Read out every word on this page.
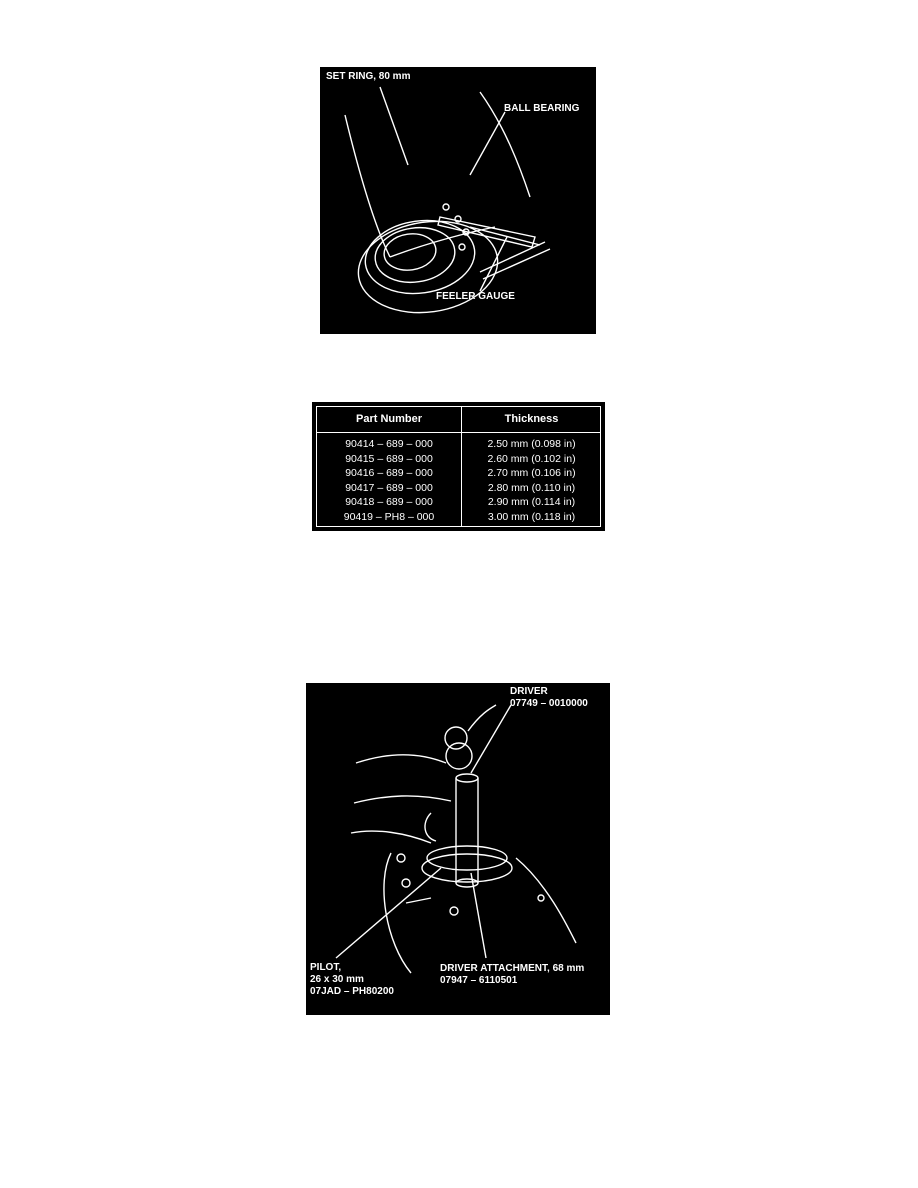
SET RING, 80 mm
BALL BEARING
FEELER GAUGE
Part Number	Thickness
90414 – 689 – 000	2.50 mm (0.098 in)
90415 – 689 – 000	2.60 mm (0.102 in)
90416 – 689 – 000	2.70 mm (0.106 in)
90417 – 689 – 000	2.80 mm (0.110 in)
90418 – 689 – 000	2.90 mm (0.114 in)
90419 – PH8 – 000	3.00 mm (0.118 in)
DRIVER
07749 – 0010000
PILOT,
26 x 30 mm
07JAD – PH80200
DRIVER ATTACHMENT, 68 mm
07947 – 6110501
